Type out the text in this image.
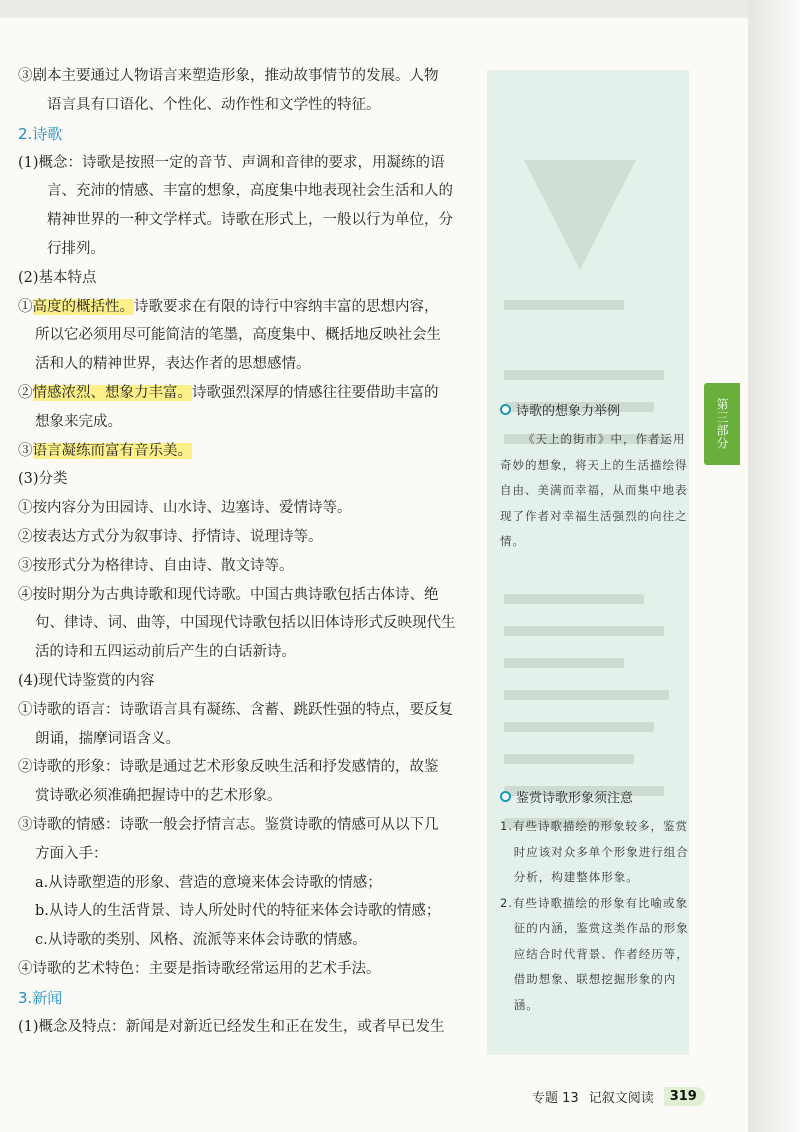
第三部分
诗歌的想象力举例

《天上的街市》中，作者运用奇妙的想象，将天上的生活描绘得自由、美满而幸福，从而集中地表现了作者对幸福生活强烈的向往之情。

鉴赏诗歌形象须注意
1.有些诗歌描绘的形象较多，鉴赏时应该对众多单个形象进行组合分析，构建整体形象。
2.有些诗歌描绘的形象有比喻或象征的内涵，鉴赏这类作品的形象应结合时代背景、作者经历等，借助想象、联想挖掘形象的内涵。

③剧本主要通过人物语言来塑造形象，推动故事情节的发展。人物

语言具有口语化、个性化、动作性和文学性的特征。

2.诗歌

(1)概念：诗歌是按照一定的音节、声调和音律的要求，用凝练的语

言、充沛的情感、丰富的想象，高度集中地表现社会生活和人的

精神世界的一种文学样式。诗歌在形式上，一般以行为单位，分

行排列。

(2)基本特点

①高度的概括性。诗歌要求在有限的诗行中容纳丰富的思想内容，

所以它必须用尽可能简洁的笔墨，高度集中、概括地反映社会生

活和人的精神世界，表达作者的思想感情。

②情感浓烈、想象力丰富。诗歌强烈深厚的情感往往要借助丰富的

想象来完成。

③语言凝练而富有音乐美。

(3)分类

①按内容分为田园诗、山水诗、边塞诗、爱情诗等。

②按表达方式分为叙事诗、抒情诗、说理诗等。

③按形式分为格律诗、自由诗、散文诗等。

④按时期分为古典诗歌和现代诗歌。中国古典诗歌包括古体诗、绝

句、律诗、词、曲等，中国现代诗歌包括以旧体诗形式反映现代生

活的诗和五四运动前后产生的白话新诗。

(4)现代诗鉴赏的内容

①诗歌的语言：诗歌语言具有凝练、含蓄、跳跃性强的特点，要反复

朗诵，揣摩词语含义。

②诗歌的形象：诗歌是通过艺术形象反映生活和抒发感情的，故鉴

赏诗歌必须准确把握诗中的艺术形象。

③诗歌的情感：诗歌一般会抒情言志。鉴赏诗歌的情感可从以下几

方面入手：

a.从诗歌塑造的形象、营造的意境来体会诗歌的情感；

b.从诗人的生活背景、诗人所处时代的特征来体会诗歌的情感；

c.从诗歌的类别、风格、流派等来体会诗歌的情感。

④诗歌的艺术特色：主要是指诗歌经常运用的艺术手法。

3.新闻

(1)概念及特点：新闻是对新近已经发生和正在发生，或者早已发生

专题 13 记叙文阅读	319
